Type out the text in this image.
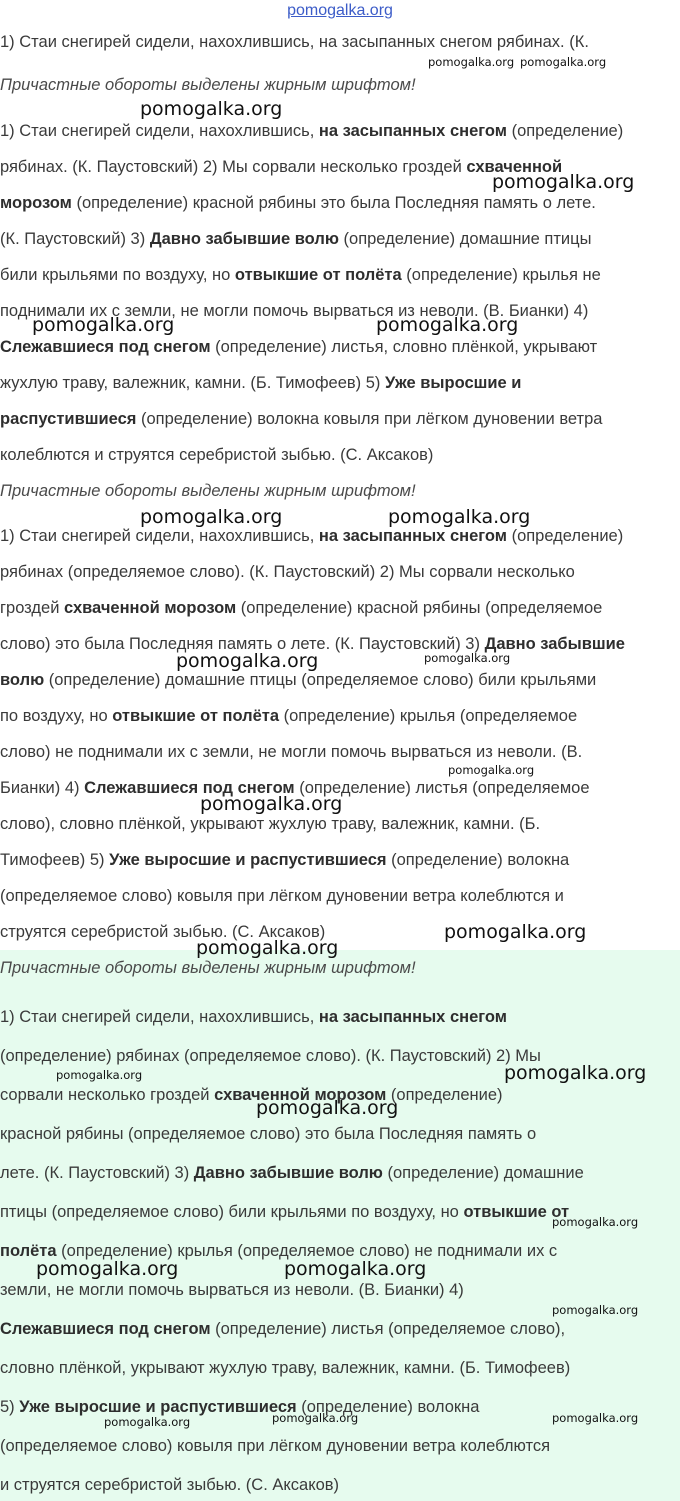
pomogalka.org
1) Стаи снегирей сидели, нахохлившись, на засыпанных снегом рябинах. (К.
Причастные обороты выделены жирным шрифтом!
1) Стаи снегирей сидели, нахохлившись, на засыпанных снегом (определение)
рябинах. (К. Паустовский) 2) Мы сорвали несколько гроздей схваченной
морозом (определение) красной рябины это была Последняя память о лете.
(К. Паустовский) 3) Давно забывшие волю (определение) домашние птицы
били крыльями по воздуху, но отвыкшие от полёта (определение) крылья не
поднимали их с земли, не могли помочь вырваться из неволи. (В. Бианки) 4)
Слежавшиеся под снегом (определение) листья, словно плёнкой, укрывают
жухлую траву, валежник, камни. (Б. Тимофеев) 5) Уже выросшие и
распустившиеся (определение) волокна ковыля при лёгком дуновении ветра
колеблются и струятся серебристой зыбью. (С. Аксаков)
Причастные обороты выделены жирным шрифтом!
1) Стаи снегирей сидели, нахохлившись, на засыпанных снегом (определение)
рябинах (определяемое слово). (К. Паустовский) 2) Мы сорвали несколько
гроздей схваченной морозом (определение) красной рябины (определяемое
слово) это была Последняя память о лете. (К. Паустовский) 3) Давно забывшие
волю (определение) домашние птицы (определяемое слово) били крыльями
по воздуху, но отвыкшие от полёта (определение) крылья (определяемое
слово) не поднимали их с земли, не могли помочь вырваться из неволи. (В.
Бианки) 4) Слежавшиеся под снегом (определение) листья (определяемое
слово), словно плёнкой, укрывают жухлую траву, валежник, камни. (Б.
Тимофеев) 5) Уже выросшие и распустившиеся (определение) волокна
(определяемое слово) ковыля при лёгком дуновении ветра колеблются и
струятся серебристой зыбью. (С. Аксаков)
Причастные обороты выделены жирным шрифтом!
1) Стаи снегирей сидели, нахохлившись, на засыпанных снегом
(определение) рябинах (определяемое слово). (К. Паустовский) 2) Мы
сорвали несколько гроздей схваченной морозом (определение)
красной рябины (определяемое слово) это была Последняя память о
лете. (К. Паустовский) 3) Давно забывшие волю (определение) домашние
птицы (определяемое слово) били крыльями по воздуху, но отвыкшие от
полёта (определение) крылья (определяемое слово) не поднимали их с
земли, не могли помочь вырваться из неволи. (В. Бианки) 4)
Слежавшиеся под снегом (определение) листья (определяемое слово),
словно плёнкой, укрывают жухлую траву, валежник, камни. (Б. Тимофеев)
5) Уже выросшие и распустившиеся (определение) волокна
(определяемое слово) ковыля при лёгком дуновении ветра колеблются
и струятся серебристой зыбью. (С. Аксаков)
pomogalka.org pomogalka.org
pomogalka.org
pomogalka.org
pomogalka.org	pomogalka.org
pomogalka.org	pomogalka.org
pomogalka.org	pomogalka.org
pomogalka.org
pomogalka.org
pomogalka.org
pomogalka.org
pomogalka.org	pomogalka.org
pomogalka.org
pomogalka.org
pomogalka.org	pomogalka.org
pomogalka.org
pomogalka.org	pomogalka.org	pomogalka.org
